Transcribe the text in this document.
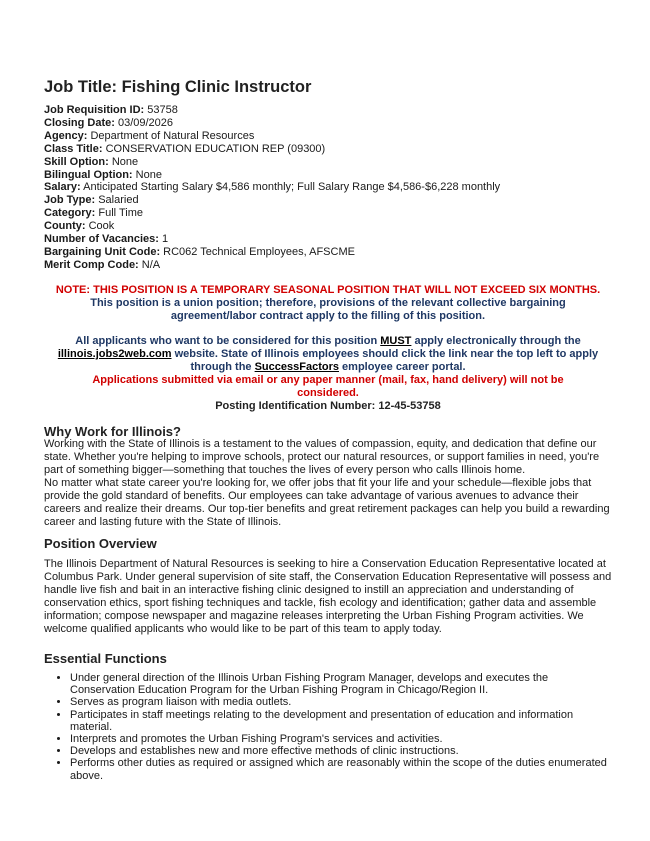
Job Title: Fishing Clinic Instructor
Job Requisition ID: 53758
Closing Date: 03/09/2026
Agency: Department of Natural Resources
Class Title: CONSERVATION EDUCATION REP (09300)
Skill Option: None
Bilingual Option: None
Salary: Anticipated Starting Salary $4,586 monthly; Full Salary Range $4,586-$6,228 monthly
Job Type: Salaried
Category: Full Time
County: Cook
Number of Vacancies: 1
Bargaining Unit Code: RC062 Technical Employees, AFSCME
Merit Comp Code: N/A
NOTE: THIS POSITION IS A TEMPORARY SEASONAL POSITION THAT WILL NOT EXCEED SIX MONTHS.
This position is a union position; therefore, provisions of the relevant collective bargaining agreement/labor contract apply to the filling of this position.
All applicants who want to be considered for this position MUST apply electronically through the illinois.jobs2web.com website. State of Illinois employees should click the link near the top left to apply through the SuccessFactors employee career portal.
Applications submitted via email or any paper manner (mail, fax, hand delivery) will not be considered.
Posting Identification Number: 12-45-53758
Why Work for Illinois?

Working with the State of Illinois is a testament to the values of compassion, equity, and dedication that define our state. Whether you're helping to improve schools, protect our natural resources, or support families in need, you're part of something bigger—something that touches the lives of every person who calls Illinois home.

No matter what state career you're looking for, we offer jobs that fit your life and your schedule—flexible jobs that provide the gold standard of benefits. Our employees can take advantage of various avenues to advance their careers and realize their dreams. Our top-tier benefits and great retirement packages can help you build a rewarding career and lasting future with the State of Illinois.

Position Overview

The Illinois Department of Natural Resources is seeking to hire a Conservation Education Representative located at Columbus Park. Under general supervision of site staff, the Conservation Education Representative will possess and handle live fish and bait in an interactive fishing clinic designed to instill an appreciation and understanding of conservation ethics, sport fishing techniques and tackle, fish ecology and identification; gather data and assemble information; compose newspaper and magazine releases interpreting the Urban Fishing Program activities. We welcome qualified applicants who would like to be part of this team to apply today.

Essential Functions
• Under general direction of the Illinois Urban Fishing Program Manager, develops and executes the Conservation Education Program for the Urban Fishing Program in Chicago/Region II.
• Serves as program liaison with media outlets.
• Participates in staff meetings relating to the development and presentation of education and information material.
• Interprets and promotes the Urban Fishing Program's services and activities.
• Develops and establishes new and more effective methods of clinic instructions.
• Performs other duties as required or assigned which are reasonably within the scope of the duties enumerated above.
